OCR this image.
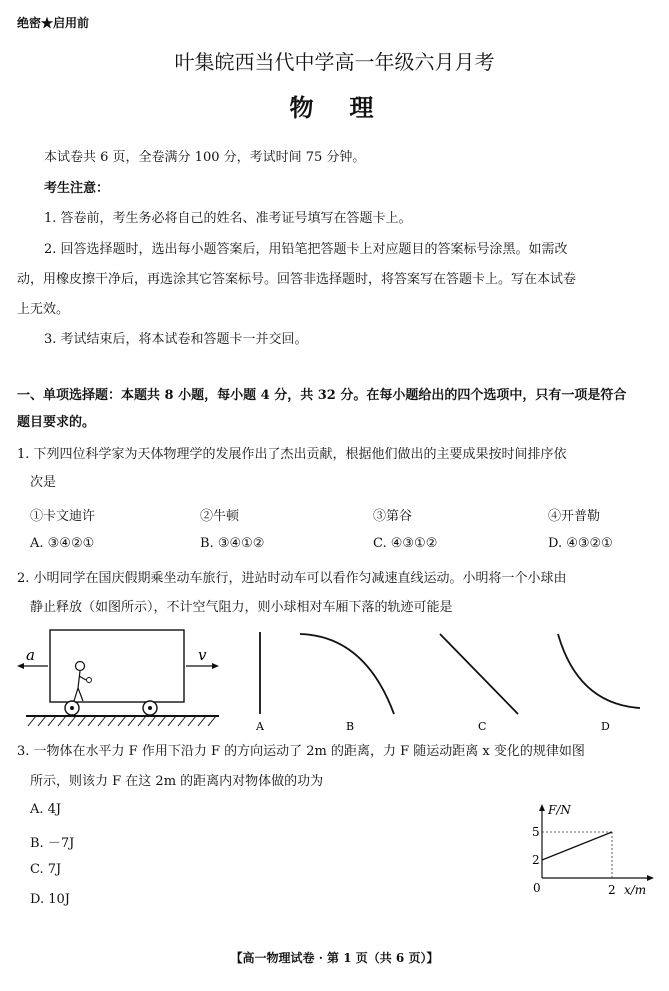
绝密★启用前
叶集皖西当代中学高一年级六月月考
物　理
本试卷共 6 页，全卷满分 100 分，考试时间 75 分钟。
考生注意：
1. 答卷前，考生务必将自己的姓名、准考证号填写在答题卡上。
2. 回答选择题时，选出每小题答案后，用铅笔把答题卡上对应题目的答案标号涂黑。如需改
动，用橡皮擦干净后，再选涂其它答案标号。回答非选择题时，将答案写在答题卡上。写在本试卷
上无效。
3. 考试结束后，将本试卷和答题卡一并交回。
一、单项选择题：本题共 8 小题，每小题 4 分，共 32 分。在每小题给出的四个选项中，只有一项是符合
题目要求的。
1. 下列四位科学家为天体物理学的发展作出了杰出贡献，根据他们做出的主要成果按时间排序依
次是
①卡文迪许	②牛顿	③第谷	④开普勒
A. ③④②①	B. ③④①②	C. ④③①②	D. ④③②①
2. 小明同学在国庆假期乘坐动车旅行，进站时动车可以看作匀减速直线运动。小明将一个小球由
静止释放（如图所示），不计空气阻力，则小球相对车厢下落的轨迹可能是
a	v
A	B	C	D
3. 一物体在水平力 F 作用下沿力 F 的方向运动了 2m 的距离，力 F 随运动距离 x 变化的规律如图
所示，则该力 F 在这 2m 的距离内对物体做的功为
A. 4J
B. －7J
C. 7J
D. 10J
F/N
x/m
5
2
0	2
【高一物理试卷 · 第 1 页（共 6 页）】
